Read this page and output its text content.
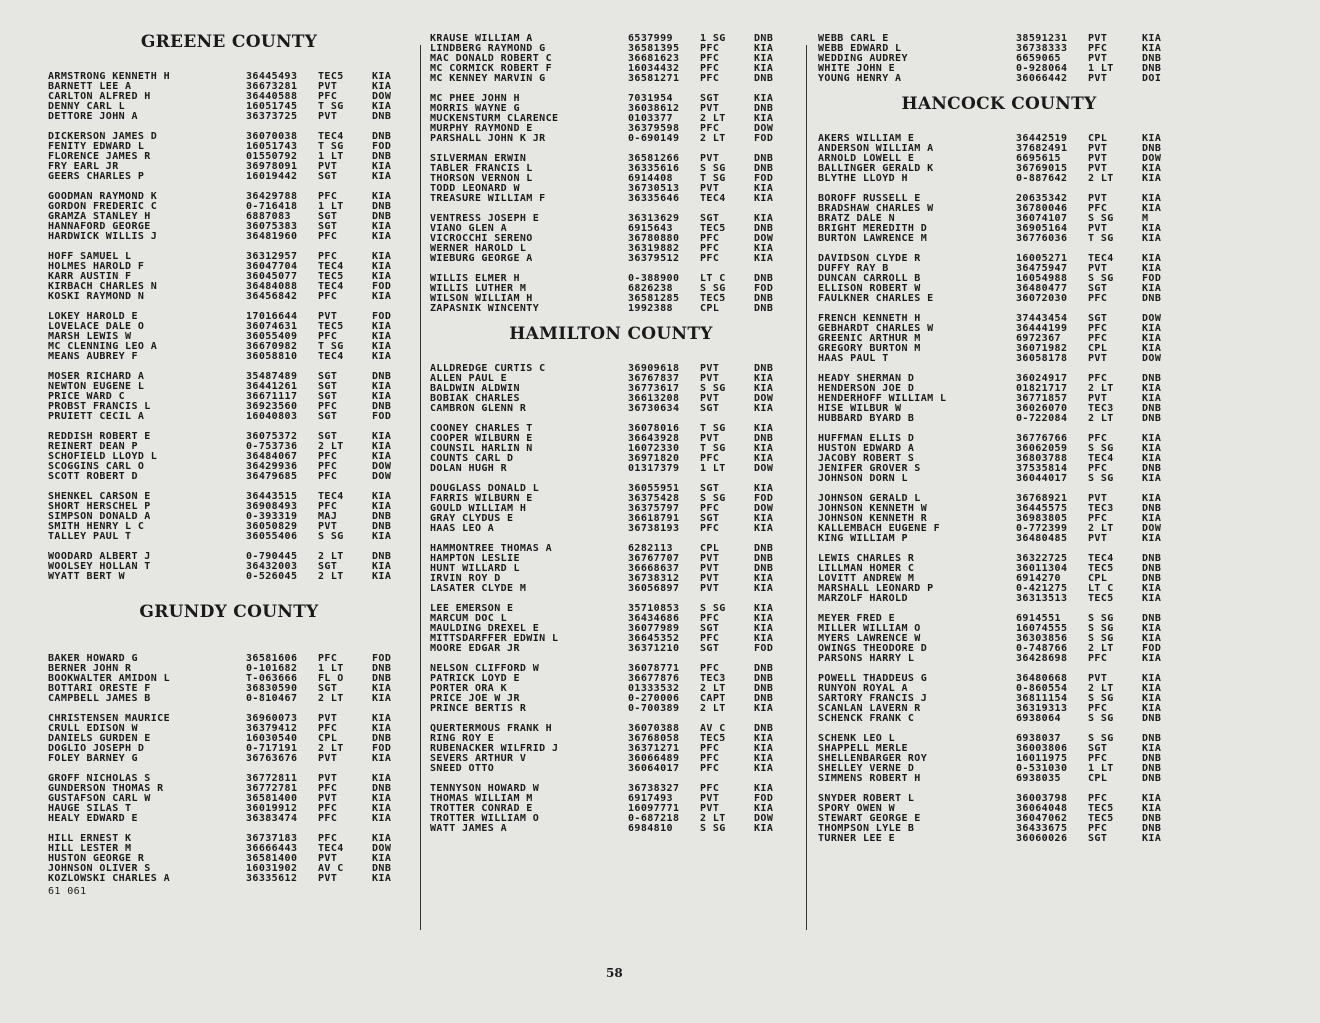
GREENE COUNTY
ARMSTRONG KENNETH H	36445493 TEC5	KIA
BARNETT LEE A	36673281 PVT	KIA
CARLTON ALFRED H	36440588 PFC	DOW
DENNY CARL L	16051745 T SG	KIA
DETTORE JOHN A	36373725 PVT	DNB
DICKERSON JAMES D	36070038 TEC4	DNB
FENITY EDWARD L	16051743 T SG	FOD
FLORENCE JAMES R	01550792 1 LT	DNB
FRY EARL JR	36978091 PVT	KIA
GEERS CHARLES P	16019442 SGT	KIA
GOODMAN RAYMOND K	36429788 PFC	KIA
GORDON FREDERIC C	0-716418 1 LT	DNB
GRAMZA STANLEY H	6887083	SGT	DNB
HANNAFORD GEORGE	36075383 SGT	KIA
HARDWICK WILLIS J	36481960 PFC	KIA
HOFF SAMUEL L	36312957 PFC	KIA
HOLMES HAROLD F	36047704 TEC4	KIA
KARR AUSTIN F	36045077 TEC5	KIA
KIRBACH CHARLES N	36484088 TEC4	FOD
KOSKI RAYMOND N	36456842 PFC	KIA
LOKEY HAROLD E	17016644 PVT	FOD
LOVELACE DALE O	36074631 TEC5	KIA
MARSH LEWIS W	36055409 PFC	KIA
MC CLENNING LEO A	36670982 T SG	KIA
MEANS AUBREY F	36058810 TEC4	KIA
MOSER RICHARD A	35487489 SGT	DNB
NEWTON EUGENE L	36441261 SGT	KIA
PRICE WARD C	36671117 SGT	KIA
PROBST FRANCIS L	36923560 PFC	DNB
PRUIETT CECIL A	16040803 SGT	FOD
REDDISH ROBERT E	36075372 SGT	KIA
REINERT DEAN P	0-753736 2 LT	KIA
SCHOFIELD LLOYD L	36484067 PFC	KIA
SCOGGINS CARL O	36429936 PFC	DOW
SCOTT ROBERT D	36479685 PFC	DOW
SHENKEL CARSON E	36443515 TEC4	KIA
SHORT HERSCHEL P	36908493 PFC	KIA
SIMPSON DONALD A	0-393319 MAJ	DNB
SMITH HENRY L C	36050829 PVT	DNB
TALLEY PAUL T	36055406 S SG	KIA
WOODARD ALBERT J	0-790445 2 LT	DNB
WOOLSEY HOLLAN T	36432003 SGT	KIA
WYATT BERT W	0-526045 2 LT	KIA
GRUNDY COUNTY
BAKER HOWARD G	36581606 PFC	FOD
BERNER JOHN R	0-101682 1 LT	DNB
BOOKWALTER AMIDON L	T-063666 FL O	DNB
BOTTARI ORESTE F	36830590 SGT	KIA
CAMPBELL JAMES B	0-810467 2 LT	KIA
CHRISTENSEN MAURICE	36960073 PVT	KIA
CRULL EDISON W	36379412 PFC	KIA
DANIELS GURDEN E	16030540 CPL	DNB
DOGLIO JOSEPH D	0-717191 2 LT	FOD
FOLEY BARNEY G	36763676 PVT	KIA
GROFF NICHOLAS S	36772811 PVT	KIA
GUNDERSON THOMAS R	36772781 PFC	DNB
GUSTAFSON CARL W	36581400 PVT	KIA
HAUGE SILAS T	36019912 PFC	KIA
HEALY EDWARD E	36383474 PFC	KIA
HILL ERNEST K	36737183 PFC	KIA
HILL LESTER M	36666443 TEC4	DOW
HUSTON GEORGE R	36581400 PVT	KIA
JOHNSON OLIVER S	16031902 AV C	DNB
KOZLOWSKI CHARLES A	36335612 PVT	KIA
61 061
KRAUSE WILLIAM A	6537999	1 SG	DNB
LINDBERG RAYMOND G	36581395 PFC	KIA
MAC DONALD ROBERT C	36681623 PFC	KIA
MC CORMICK ROBERT F	16034432 PFC	KIA
MC KENNEY MARVIN G	36581271 PFC	DNB
MC PHEE JOHN H	7031954	SGT	KIA
MORRIS WAYNE G	36038612 PVT	DNB
MUCKENSTURM CLARENCE	0103377	2 LT	KIA
MURPHY RAYMOND E	36379598 PFC	DOW
PARSHALL JOHN K JR	0-690149 2 LT	FOD
SILVERMAN ERWIN	36581266 PVT	DNB
TABLER FRANCIS L	36335616 S SG	DNB
THORSON VERNON L	6914408	T SG	FOD
TODD LEONARD W	36730513 PVT	KIA
TREASURE WILLIAM F	36335646 TEC4	KIA
VENTRESS JOSEPH E	36313629 SGT	KIA
VIANO GLEN A	6915643	TEC5	DNB
VICROCCHI SERENO	36780880 PFC	DOW
WERNER HAROLD L	36319882 PFC	KIA
WIEBURG GEORGE A	36379512 PFC	KIA
WILLIS ELMER H	0-388900 LT C	DNB
WILLIS LUTHER M	6826238	S SG	FOD
WILSON WILLIAM H	36581285 TEC5	DNB
ZAPASNIK WINCENTY	1992388	CPL	DNB
HAMILTON COUNTY
ALLDREDGE CURTIS C	36909618 PVT	DNB
ALLEN PAUL E	36767837 PVT	KIA
BALDWIN ALDWIN	36773617 S SG	KIA
BOBIAK CHARLES	36613208 PVT	DOW
CAMBRON GLENN R	36730634 SGT	KIA
COONEY CHARLES T	36078016 T SG	KIA
COOPER WILBURN E	36643928 PVT	DNB
COUNSIL HARLIN N	16072330 T SG	KIA
COUNTS CARL D	36971820 PFC	KIA
DOLAN HUGH R	01317379 1 LT	DOW
DOUGLASS DONALD L	36055951 SGT	KIA
FARRIS WILBURN E	36375428 S SG	FOD
GOULD WILLIAM H	36375797 PFC	DOW
GRAY CLYDUS E	36618791 SGT	KIA
HAAS LEO A	36738193 PFC	KIA
HAMMONTREE THOMAS A	6282113	CPL	DNB
HAMPTON LESLIE	36767707 PVT	DNB
HUNT WILLARD L	36668637 PVT	DNB
IRVIN ROY D	36738312 PVT	KIA
LASATER CLYDE M	36056897 PVT	KIA
LEE EMERSON E	35710853 S SG	KIA
MARCUM DOC L	36434686 PFC	KIA
MAULDING DREXEL E	36077989 SGT	KIA
MITTSDARFFER EDWIN L	36645352 PFC	KIA
MOORE EDGAR JR	36371210 SGT	FOD
NELSON CLIFFORD W	36078771 PFC	DNB
PATRICK LOYD E	36677876 TEC3	DNB
PORTER ORA K	01333532 2 LT	DNB
PRICE JOE W JR	0-270006 CAPT	DNB
PRINCE BERTIS R	0-700389 2 LT	KIA
QUERTERMOUS FRANK H	36070388 AV C	DNB
RING ROY E	36768058 TEC5	KIA
RUBENACKER WILFRID J	36371271 PFC	KIA
SEVERS ARTHUR V	36066489 PFC	KIA
SNEED OTTO	36064017 PFC	KIA
TENNYSON HOWARD W	36738327 PFC	KIA
THOMAS WILLIAM M	6917493	PVT	FOD
TROTTER CONRAD E	16097771 PVT	KIA
TROTTER WILLIAM O	0-687218 2 LT	DOW
WATT JAMES A	6984810	S SG	KIA
WEBB CARL E	38591231 PVT	KIA
WEBB EDWARD L	36738333 PFC	KIA
WEDDING AUDREY	6659065	PVT	DNB
WHITE JOHN E	0-928064 1 LT	DNB
YOUNG HENRY A	36066442 PVT	DOI
HANCOCK COUNTY
AKERS WILLIAM E	36442519 CPL	KIA
ANDERSON WILLIAM A	37682491 PVT	DNB
ARNOLD LOWELL E	6695615	PVT	DOW
BALLINGER GERALD K	36769015 PVT	KIA
BLYTHE LLOYD H	0-887642 2 LT	KIA
BOROFF RUSSELL E	20635342 PVT	KIA
BRADSHAW CHARLES W	36780046 PFC	KIA
BRATZ DALE N	36074107 S SG	M
BRIGHT MEREDITH D	36905164 PVT	KIA
BURTON LAWRENCE M	36776036 T SG	KIA
DAVIDSON CLYDE R	16005271 TEC4	KIA
DUFFY RAY B	36475947 PVT	KIA
DUNCAN CARROLL B	16054988 S SG	FOD
ELLISON ROBERT W	36480477 SGT	KIA
FAULKNER CHARLES E	36072030 PFC	DNB
FRENCH KENNETH H	37443454 SGT	DOW
GEBHARDT CHARLES W	36444199 PFC	KIA
GREENIC ARTHUR M	6972367	PFC	KIA
GREGORY BURTON M	36071982 CPL	KIA
HAAS PAUL T	36058178 PVT	DOW
HEADY SHERMAN D	36024917 PFC	DNB
HENDERSON JOE D	01821717 2 LT	KIA
HENDERHOFF WILLIAM L	36771857 PVT	KIA
HISE WILBUR W	36026070 TEC3	DNB
HUBBARD BYARD B	0-722084 2 LT	DNB
HUFFMAN ELLIS D	36776766 PFC	KIA
HUSTON EDWARD A	36062059 S SG	KIA
JACOBY ROBERT S	36803788 TEC4	KIA
JENIFER GROVER S	37535814 PFC	DNB
JOHNSON DORN L	36044017 S SG	KIA
JOHNSON GERALD L	36768921 PVT	KIA
JOHNSON KENNETH W	36445575 TEC3	DNB
JOHNSON KENNETH R	36983805 PFC	KIA
KALLEMBACH EUGENE F	0-772399 2 LT	DOW
KING WILLIAM P	36480485 PVT	KIA
LEWIS CHARLES R	36322725 TEC4	DNB
LILLMAN HOMER C	36011304 TEC5	DNB
LOVITT ANDREW M	6914270	CPL	DNB
MARSHALL LEONARD P	0-421275 LT C	KIA
MARZOLF HAROLD	36313513 TEC5	KIA
MEYER FRED E	6914551	S SG	DNB
MILLER WILLIAM O	16074555 S SG	KIA
MYERS LAWRENCE W	36303856 S SG	KIA
OWINGS THEODORE D	0-748766 2 LT	FOD
PARSONS HARRY L	36428698 PFC	KIA
POWELL THADDEUS G	36480668 PVT	KIA
RUNYON ROYAL A	0-860554 2 LT	KIA
SARTORY FRANCIS J	36811154 S SG	KIA
SCANLAN LAVERN R	36319313 PFC	KIA
SCHENCK FRANK C	6938064	S SG	DNB
SCHENK LEO L	6938037	S SG	DNB
SHAPPELL MERLE	36003806 SGT	KIA
SHELLENBARGER ROY	16011975 PFC	DNB
SHELLEY VERNE D	0-531030 1 LT	DNB
SIMMENS ROBERT H	6938035	CPL	DNB
SNYDER ROBERT L	36003798 PFC	KIA
SPORY OWEN W	36064048 TEC5	KIA
STEWART GEORGE E	36047062 TEC5	DNB
THOMPSON LYLE B	36433675 PFC	DNB
TURNER LEE E	36060026 SGT	KIA
58
